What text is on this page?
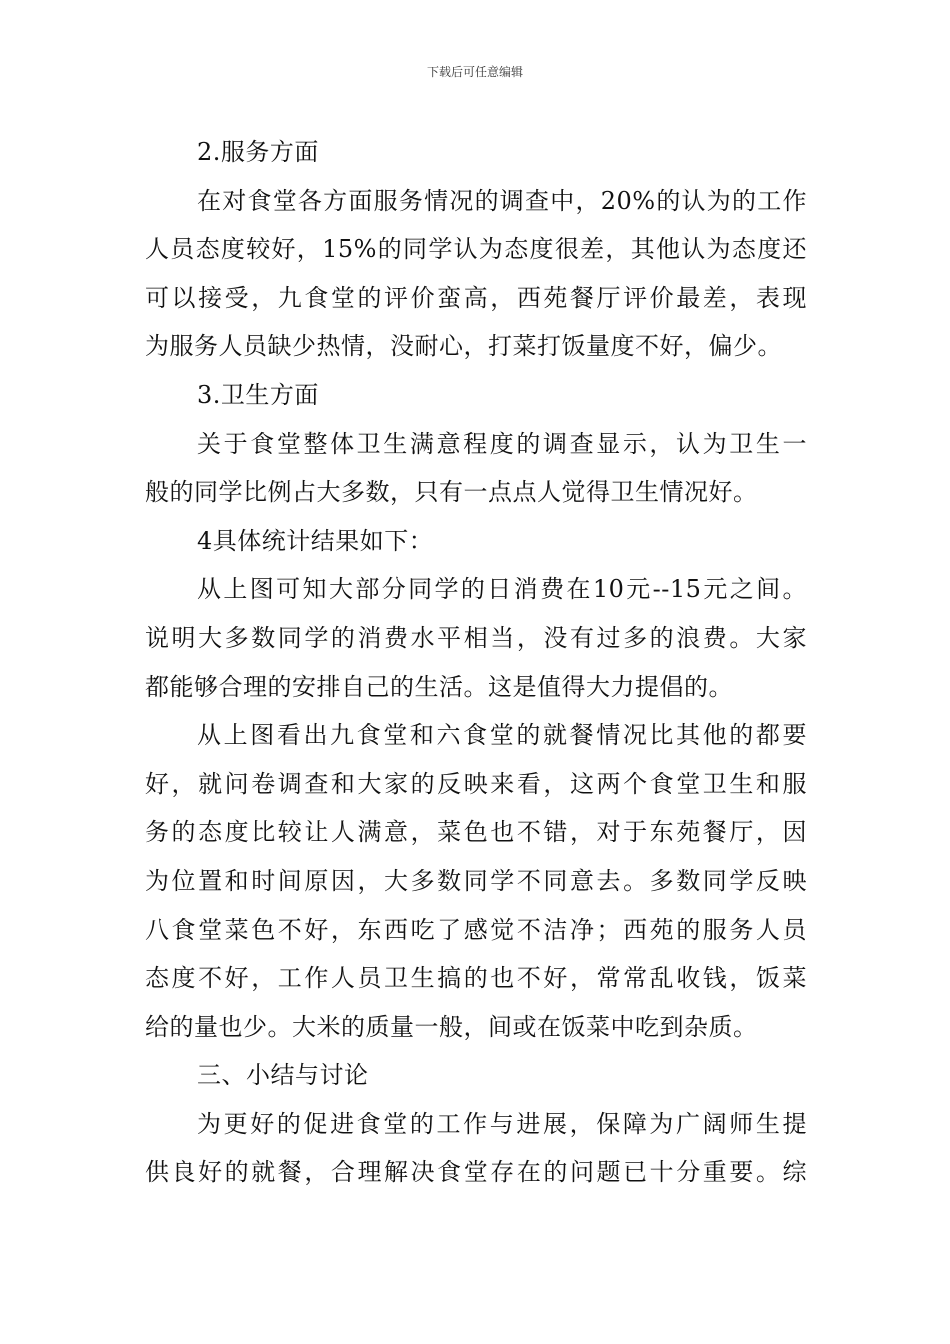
下载后可任意编辑
2.服务方面
在对食堂各方面服务情况的调查中，20%的认为的工作
人员态度较好，15%的同学认为态度很差，其他认为态度还
可以接受，九食堂的评价蛮高，西苑餐厅评价最差，表现
为服务人员缺少热情，没耐心，打菜打饭量度不好，偏少。
3.卫生方面
关于食堂整体卫生满意程度的调查显示，认为卫生一
般的同学比例占大多数，只有一点点人觉得卫生情况好。
4具体统计结果如下：
从上图可知大部分同学的日消费在10元--15元之间。
说明大多数同学的消费水平相当，没有过多的浪费。大家
都能够合理的安排自己的生活。这是值得大力提倡的。
从上图看出九食堂和六食堂的就餐情况比其他的都要
好，就问卷调查和大家的反映来看，这两个食堂卫生和服
务的态度比较让人满意，菜色也不错，对于东苑餐厅，因
为位置和时间原因，大多数同学不同意去。多数同学反映
八食堂菜色不好，东西吃了感觉不洁净；西苑的服务人员
态度不好，工作人员卫生搞的也不好，常常乱收钱，饭菜
给的量也少。大米的质量一般，间或在饭菜中吃到杂质。
三、小结与讨论
为更好的促进食堂的工作与进展，保障为广阔师生提
供良好的就餐，合理解决食堂存在的问题已十分重要。综
